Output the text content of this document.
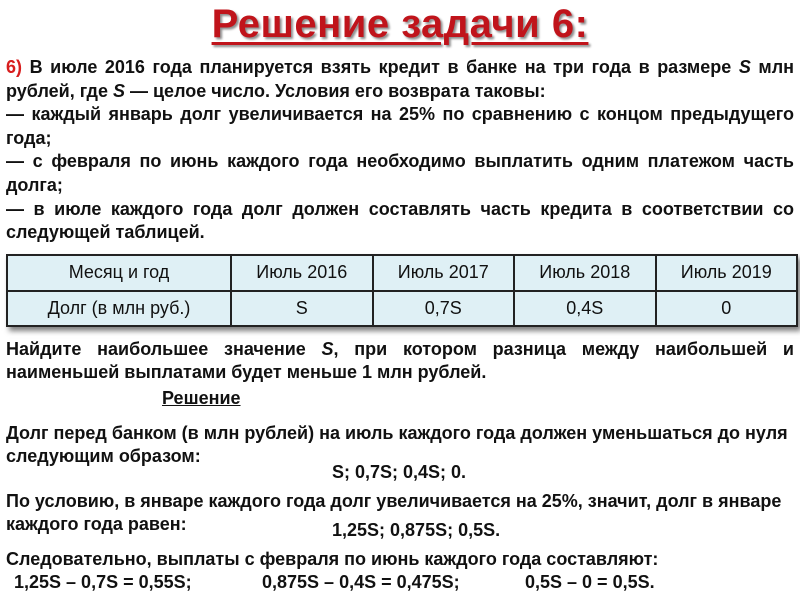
Решение задачи 6:

6) В июле 2016 года планируется взять кредит в банке на три года в размере S млн рублей, где S — целое число. Условия его возврата таковы:

— каждый январь долг увеличивается на 25% по сравнению с концом предыдущего года;

— с февраля по июнь каждого года необходимо выплатить одним платежом часть долга;

— в июле каждого года долг должен составлять часть кредита в соответствии со следующей таблицей.

Месяц и год	Июль 2016	Июль 2017	Июль 2018	Июль 2019
Долг (в млн руб.)	S	0,7S	0,4S	0
Найдите наибольшее значение S, при котором разница между наибольшей и наименьшей выплатами будет меньше 1 млн рублей.
Решение
Долг перед банком (в млн рублей) на июль каждого года должен уменьшаться до нуля следующим образом:
S; 0,7S; 0,4S; 0.
По условию, в январе каждого года долг увеличивается на 25%, значит, долг в январе каждого года равен:	1,25S; 0,875S; 0,5S.
Следовательно, выплаты с февраля по июнь каждого года составляют:
1,25S – 0,7S = 0,55S;	0,875S – 0,4S = 0,475S;	0,5S – 0 = 0,5S.
